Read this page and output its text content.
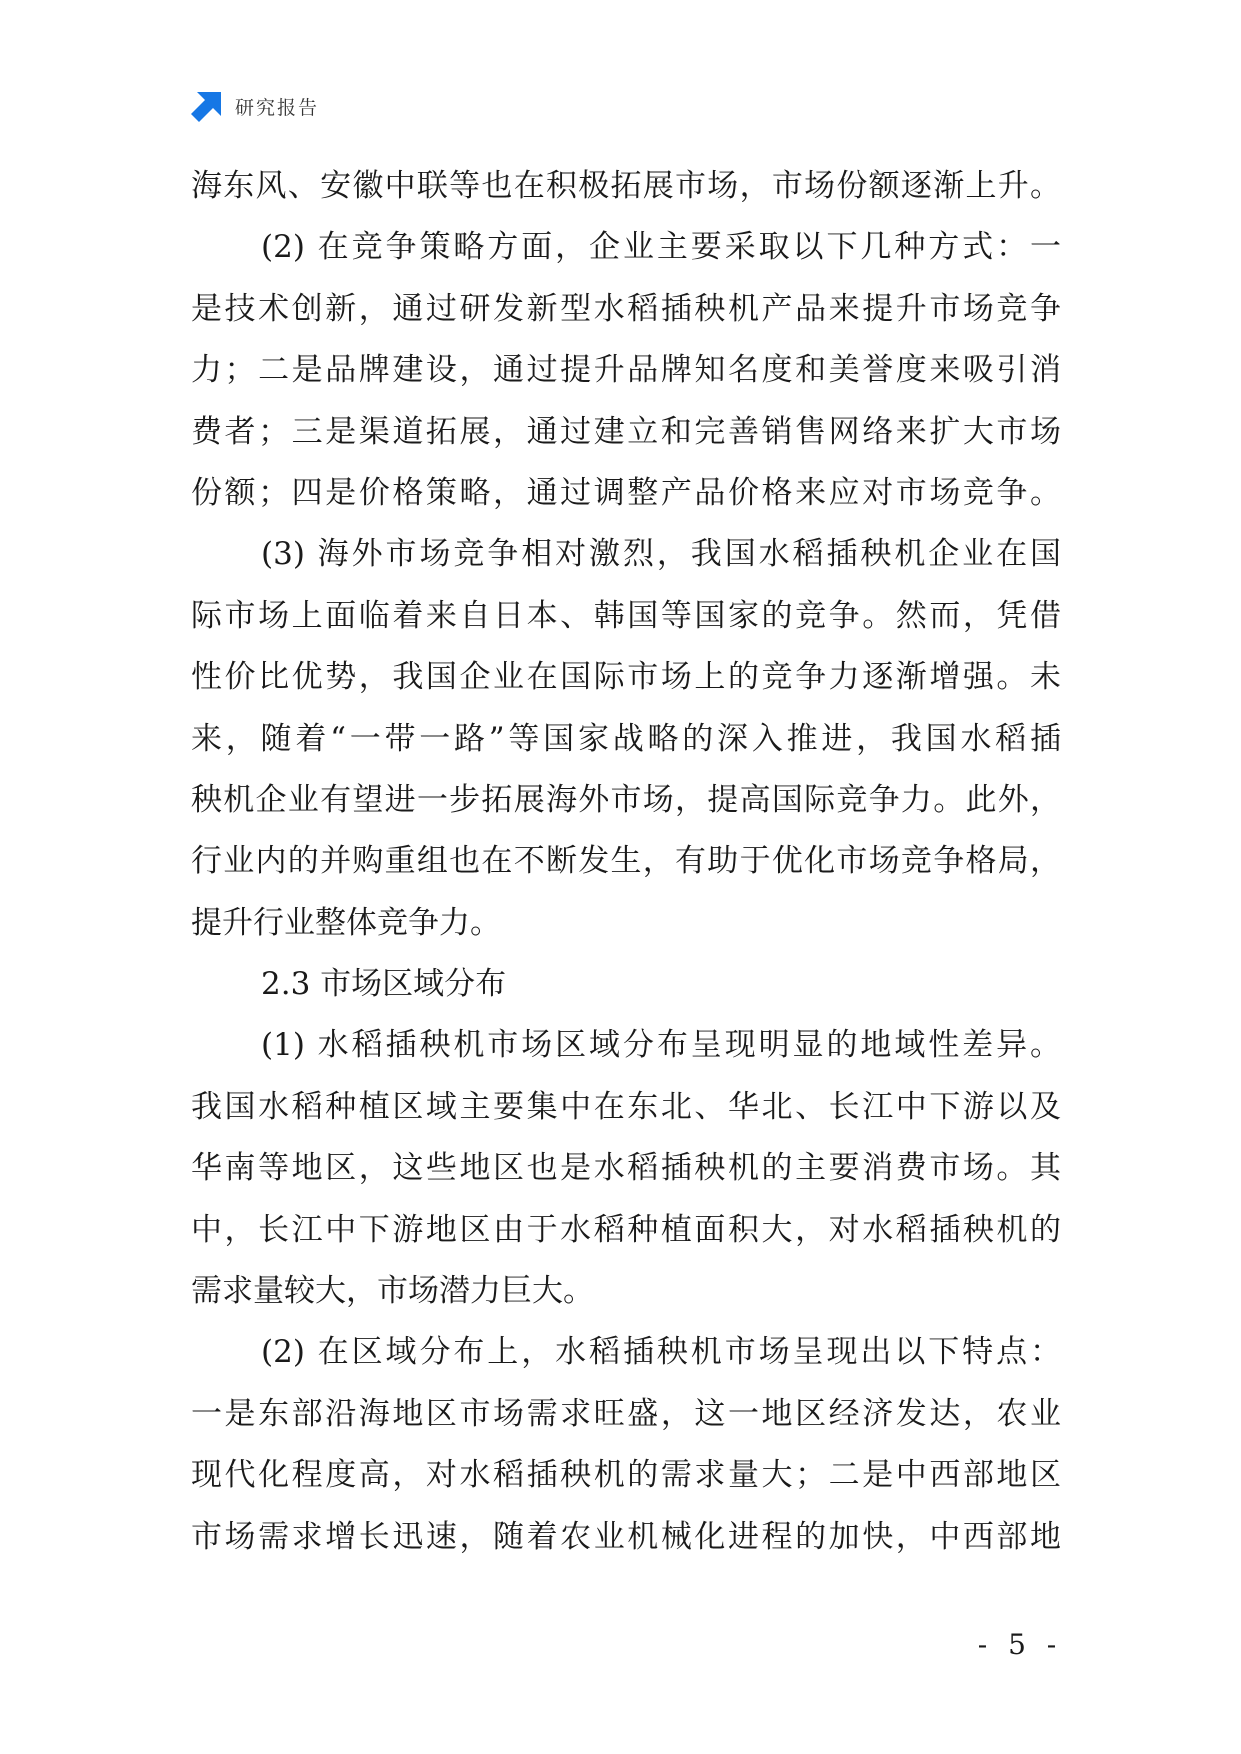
研究报告
海东风、安徽中联等也在积极拓展市场，市场份额逐渐上升。
(2) 在竞争策略方面，企业主要采取以下几种方式：一
是技术创新，通过研发新型水稻插秧机产品来提升市场竞争
力；二是品牌建设，通过提升品牌知名度和美誉度来吸引消
费者；三是渠道拓展，通过建立和完善销售网络来扩大市场
份额；四是价格策略，通过调整产品价格来应对市场竞争。
(3) 海外市场竞争相对激烈，我国水稻插秧机企业在国
际市场上面临着来自日本、韩国等国家的竞争。然而，凭借
性价比优势，我国企业在国际市场上的竞争力逐渐增强。未
来，随着“一带一路”等国家战略的深入推进，我国水稻插
秧机企业有望进一步拓展海外市场，提高国际竞争力。此外，
行业内的并购重组也在不断发生，有助于优化市场竞争格局，
提升行业整体竞争力。
2.3 市场区域分布
(1) 水稻插秧机市场区域分布呈现明显的地域性差异。
我国水稻种植区域主要集中在东北、华北、长江中下游以及
华南等地区，这些地区也是水稻插秧机的主要消费市场。其
中，长江中下游地区由于水稻种植面积大，对水稻插秧机的
需求量较大，市场潜力巨大。
(2) 在区域分布上，水稻插秧机市场呈现出以下特点：
一是东部沿海地区市场需求旺盛，这一地区经济发达，农业
现代化程度高，对水稻插秧机的需求量大；二是中西部地区
市场需求增长迅速，随着农业机械化进程的加快，中西部地
- 5 -
